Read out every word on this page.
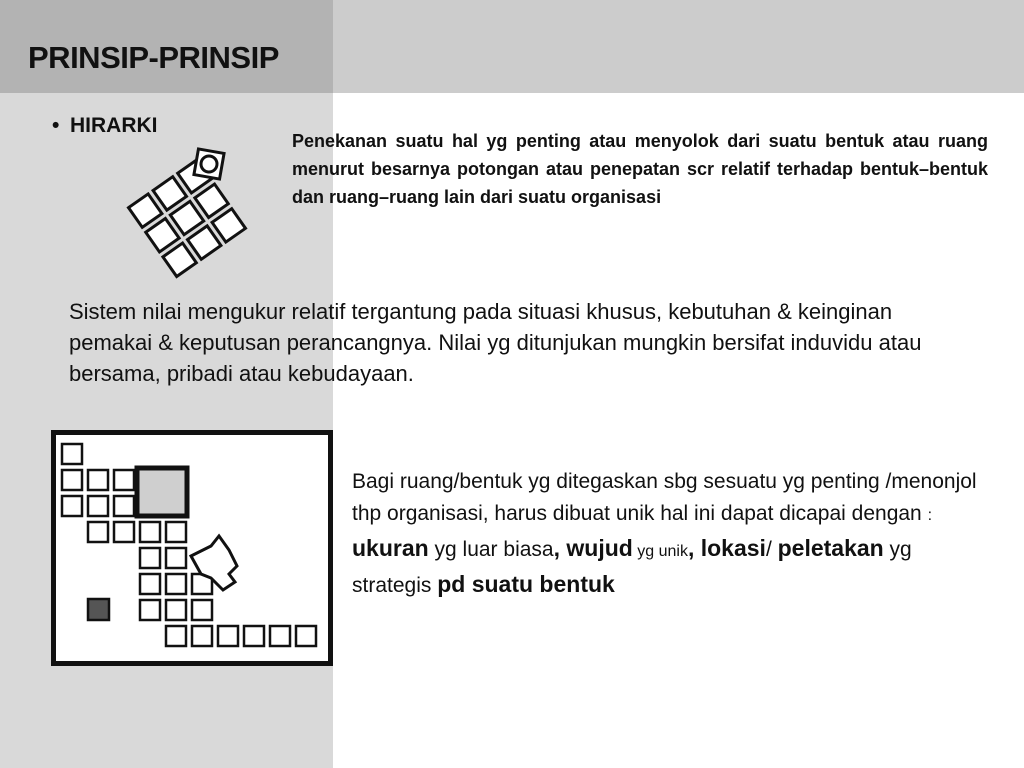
PRINSIP-PRINSIP
• HIRARKI
Penekanan suatu hal yg penting atau menyolok dari suatu bentuk atau ruang menurut besarnya potongan atau penepatan scr relatif terhadap bentuk–bentuk dan ruang–ruang lain dari suatu organisasi
Sistem nilai mengukur relatif tergantung pada situasi khusus, kebutuhan & keinginan pemakai & keputusan perancangnya. Nilai yg ditunjukan mungkin bersifat induvidu atau bersama, pribadi atau kebudayaan.
Bagi ruang/bentuk yg ditegaskan sbg sesuatu yg penting /menonjol thp organisasi, harus dibuat unik hal ini dapat dicapai dengan : ukuran yg luar biasa, wujud yg unik, lokasi/ peletakan yg strategis pd suatu bentuk
